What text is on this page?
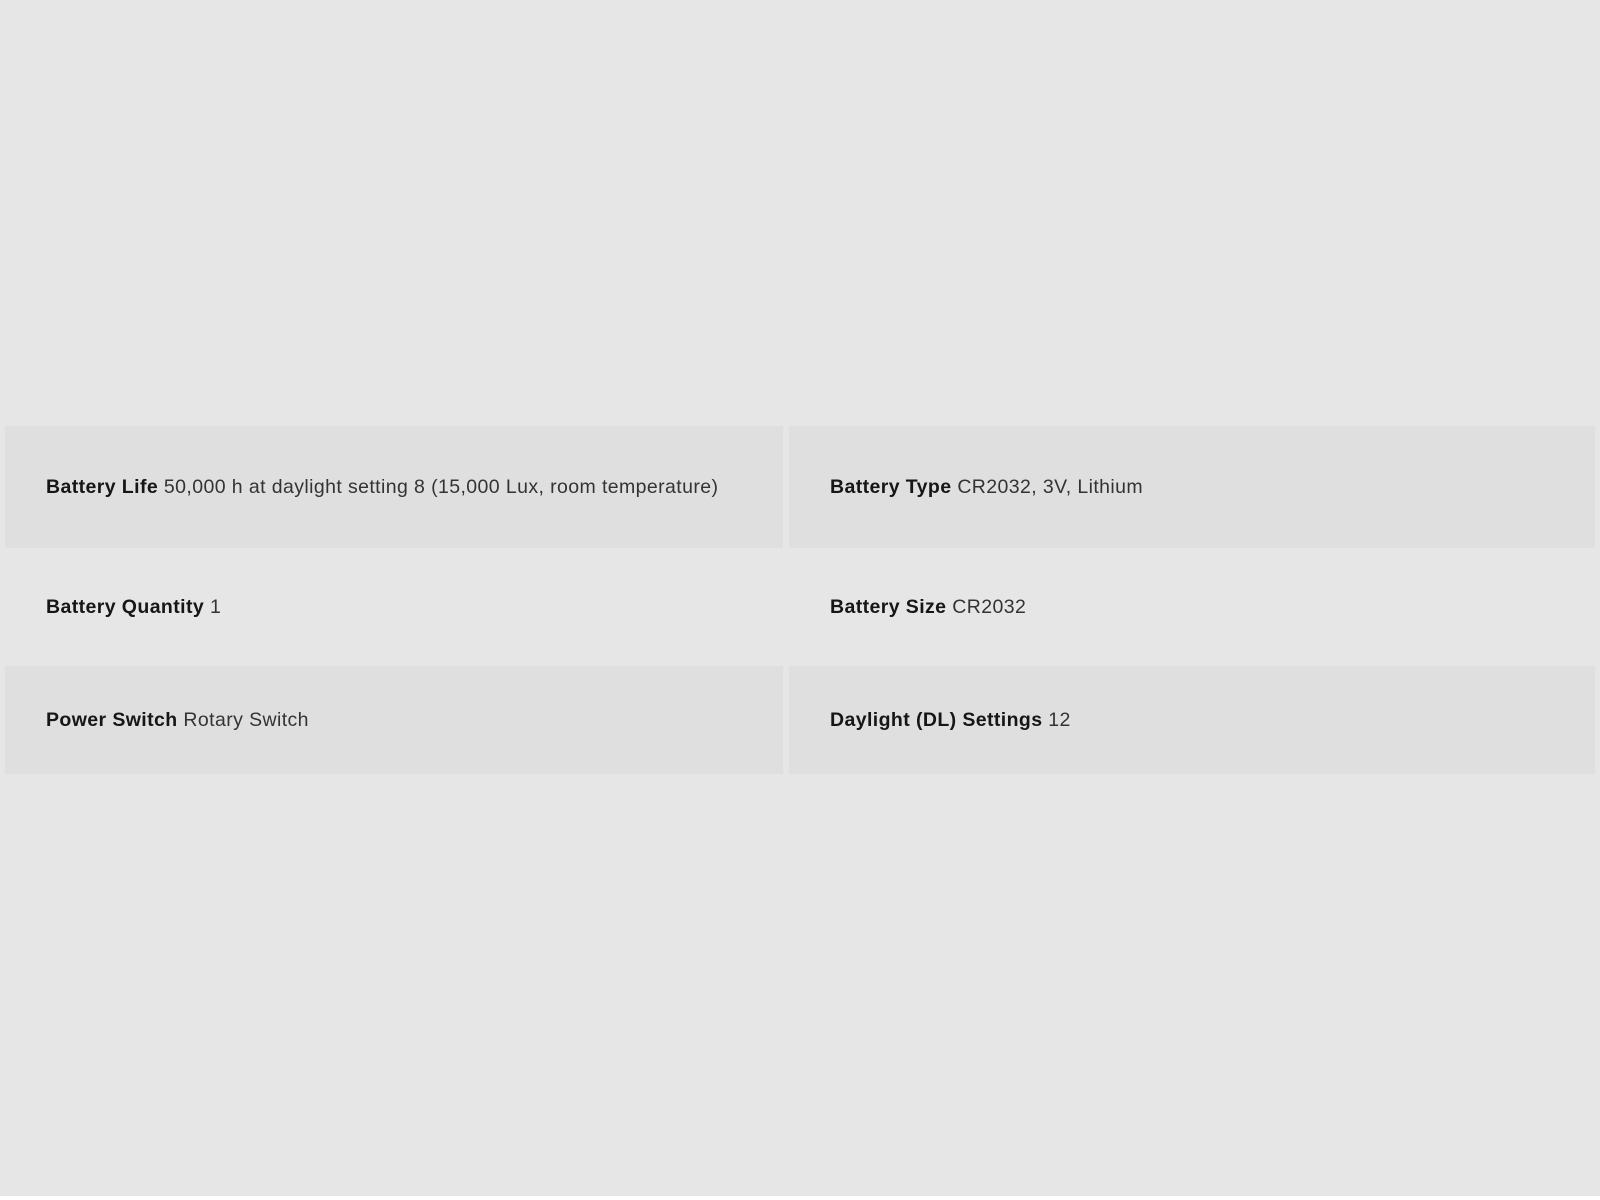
Battery Life 50,000 h at daylight setting 8 (15,000 Lux, room temperature)	Battery Type CR2032, 3V, Lithium

Battery Quantity 1	Battery Size CR2032

Power Switch Rotary Switch	Daylight (DL) Settings 12
